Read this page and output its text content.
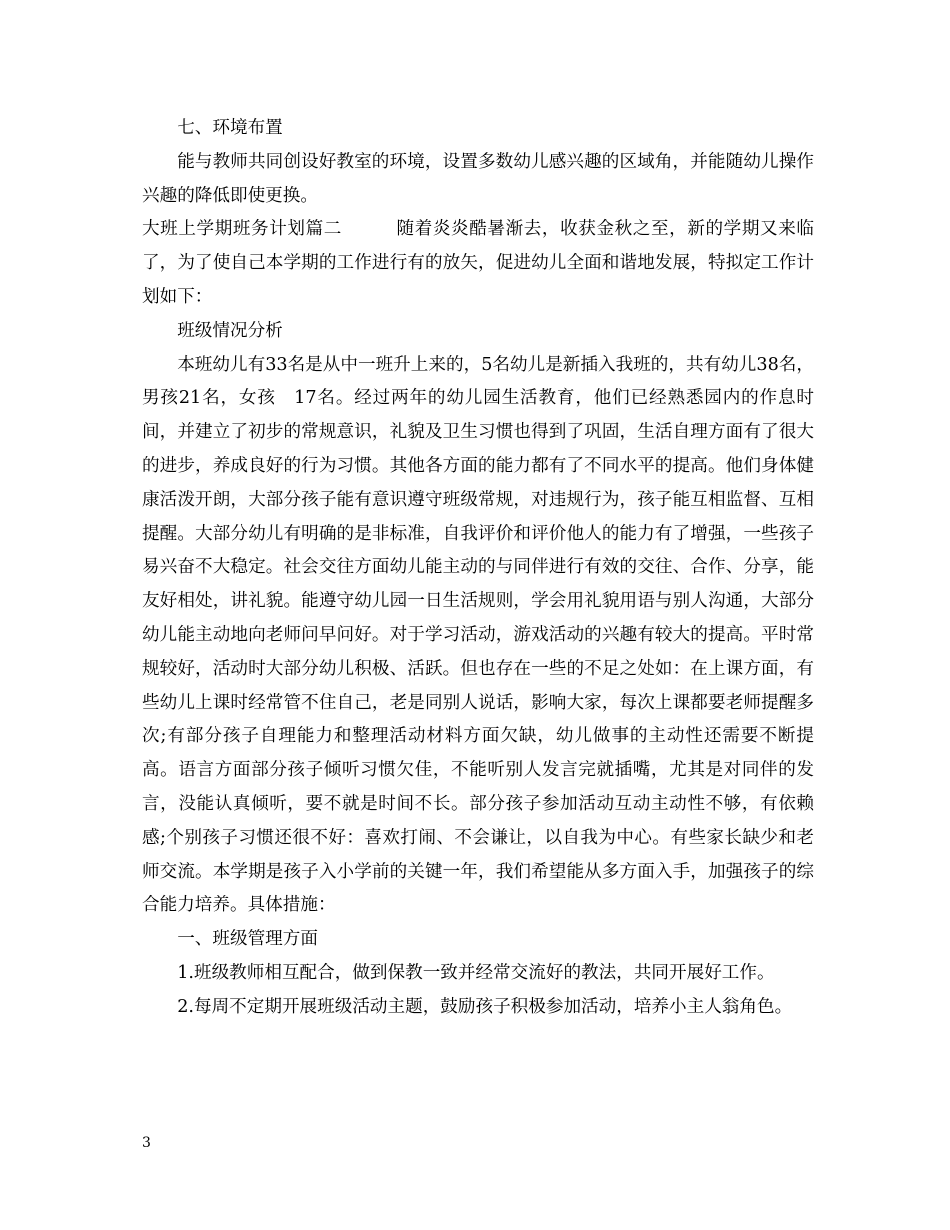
七、环境布置

能与教师共同创设好教室的环境，设置多数幼儿感兴趣的区域角，并能随幼儿操作兴趣的降低即使更换。

大班上学期班务计划篇二	随着炎炎酷暑渐去，收获金秋之至，新的学期又来临了，为了使自己本学期的工作进行有的放矢，促进幼儿全面和谐地发展，特拟定工作计划如下：

班级情况分析

本班幼儿有33名是从中一班升上来的，5名幼儿是新插入我班的，共有幼儿38名，男孩21名，女孩　17名。经过两年的幼儿园生活教育，他们已经熟悉园内的作息时间，并建立了初步的常规意识，礼貌及卫生习惯也得到了巩固，生活自理方面有了很大的进步，养成良好的行为习惯。其他各方面的能力都有了不同水平的提高。他们身体健康活泼开朗，大部分孩子能有意识遵守班级常规，对违规行为，孩子能互相监督、互相提醒。大部分幼儿有明确的是非标准，自我评价和评价他人的能力有了增强，一些孩子易兴奋不大稳定。社会交往方面幼儿能主动的与同伴进行有效的交往、合作、分享，能友好相处，讲礼貌。能遵守幼儿园一日生活规则，学会用礼貌用语与别人沟通，大部分幼儿能主动地向老师问早问好。对于学习活动，游戏活动的兴趣有较大的提高。平时常规较好，活动时大部分幼儿积极、活跃。但也存在一些的不足之处如：在上课方面，有些幼儿上课时经常管不住自己，老是同别人说话，影响大家，每次上课都要老师提醒多次;有部分孩子自理能力和整理活动材料方面欠缺，幼儿做事的主动性还需要不断提高。语言方面部分孩子倾听习惯欠佳，不能听别人发言完就插嘴，尤其是对同伴的发言，没能认真倾听，要不就是时间不长。部分孩子参加活动互动主动性不够，有依赖感;个别孩子习惯还很不好：喜欢打闹、不会谦让，以自我为中心。有些家长缺少和老师交流。本学期是孩子入小学前的关键一年，我们希望能从多方面入手，加强孩子的综合能力培养。具体措施：

一、班级管理方面

1.班级教师相互配合，做到保教一致并经常交流好的教法，共同开展好工作。

2.每周不定期开展班级活动主题，鼓励孩子积极参加活动，培养小主人翁角色。

3
